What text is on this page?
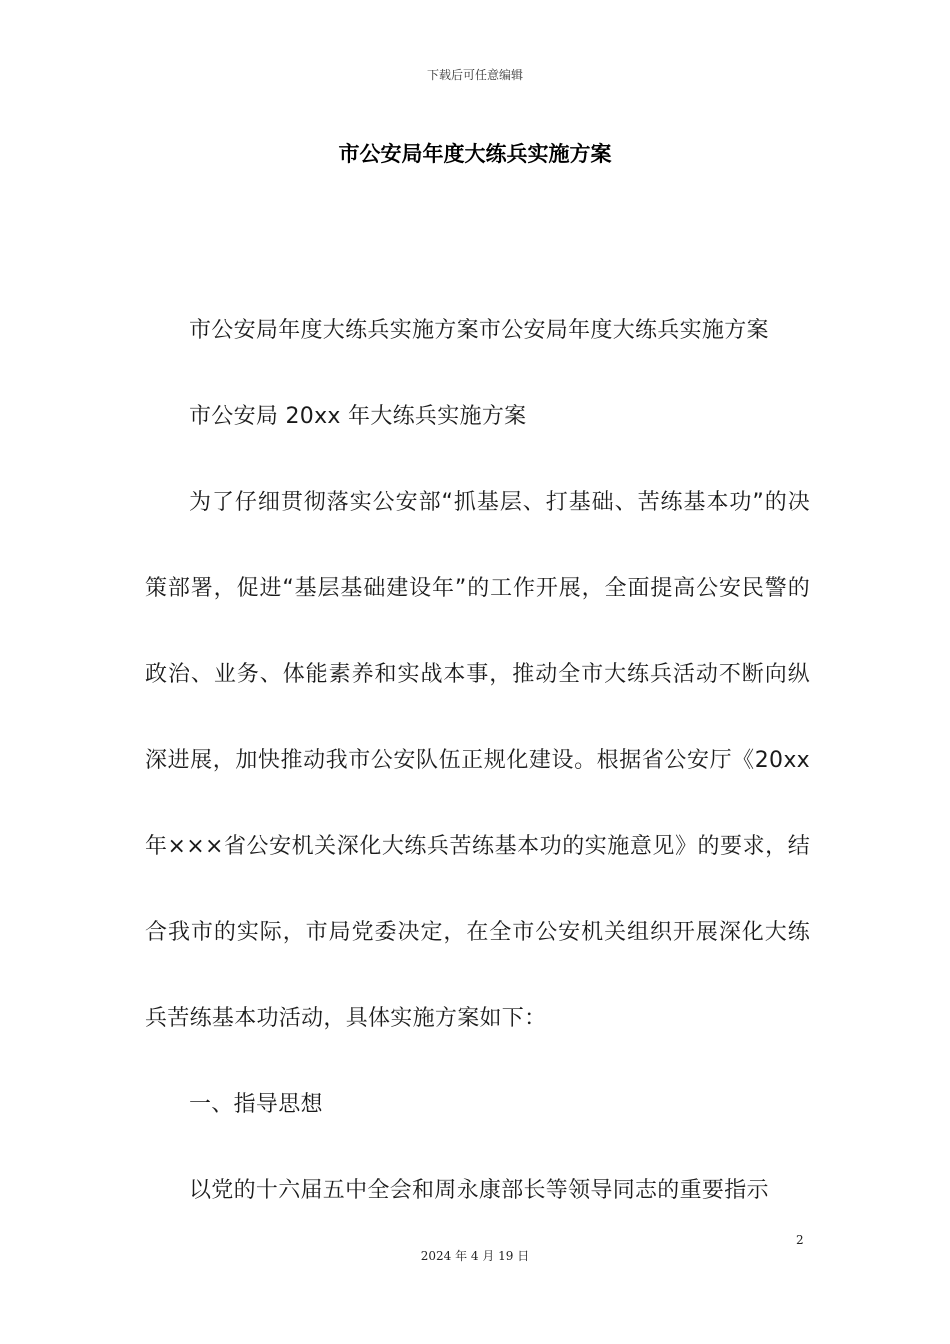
下载后可任意编辑
市公安局年度大练兵实施方案

市公安局年度大练兵实施方案市公安局年度大练兵实施方案

市公安局 20xx 年大练兵实施方案

为了仔细贯彻落实公安部“抓基层、打基础、苦练基本功”的决策部署，促进“基层基础建设年”的工作开展，全面提高公安民警的政治、业务、体能素养和实战本事，推动全市大练兵活动不断向纵深进展，加快推动我市公安队伍正规化建设。根据省公安厅《20xx 年×××省公安机关深化大练兵苦练基本功的实施意见》的要求，结合我市的实际，市局党委决定，在全市公安机关组织开展深化大练兵苦练基本功活动，具体实施方案如下：

一、指导思想

以党的十六届五中全会和周永康部长等领导同志的重要指示

2
2024 年 4 月 19 日
